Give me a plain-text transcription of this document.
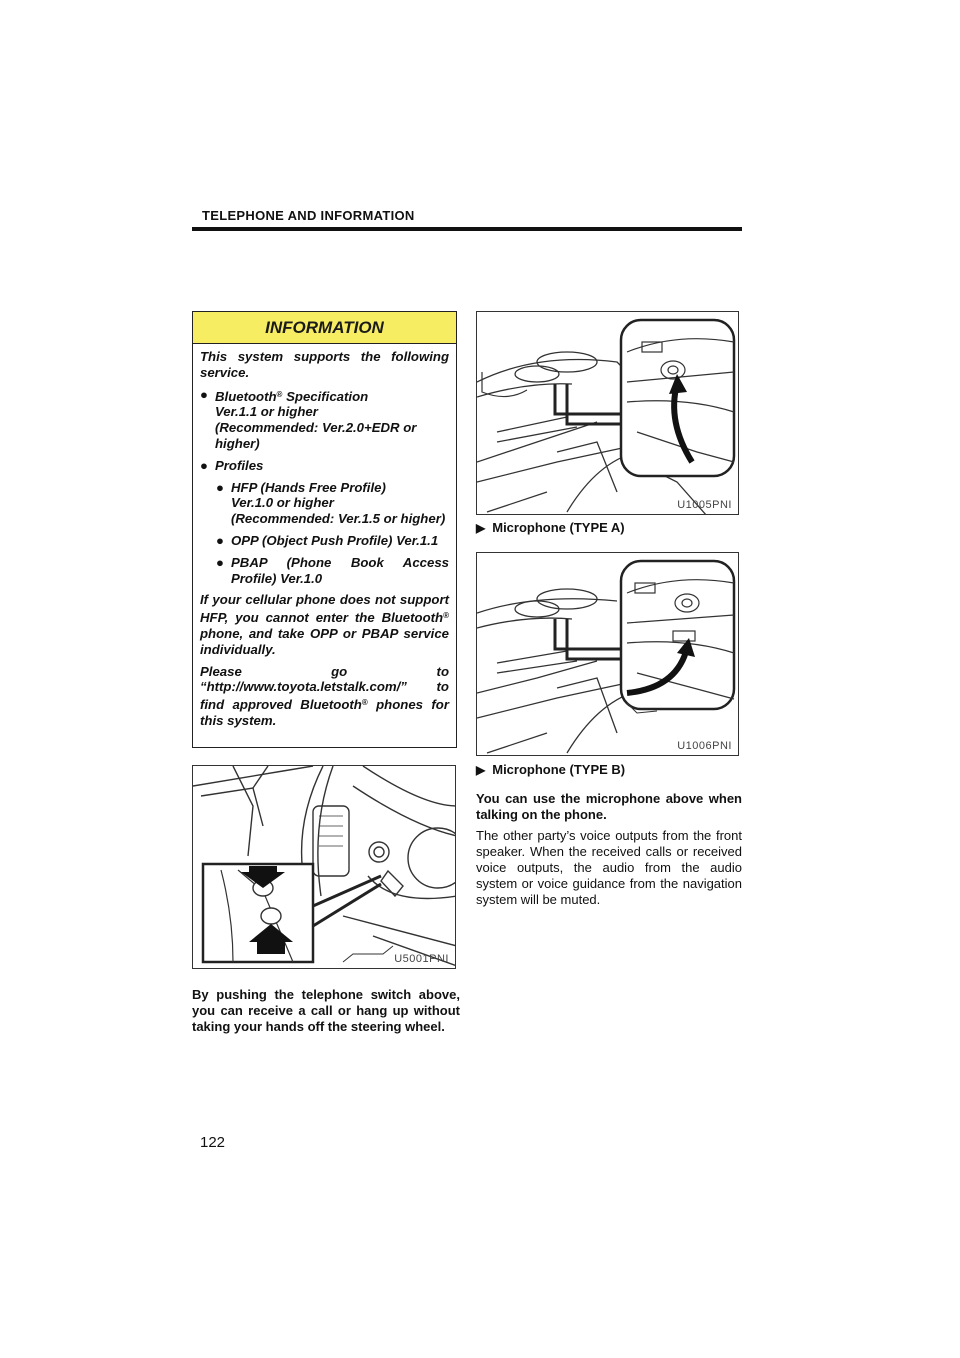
TELEPHONE AND INFORMATION
INFORMATION

This system supports the following service.

● Bluetooth® Specification
Ver.1.1 or higher
(Recommended: Ver.2.0+EDR or higher)
● Profiles
● HFP (Hands Free Profile)
Ver.1.0 or higher
(Recommended: Ver.1.5 or higher)
● OPP (Object Push Profile) Ver.1.1
● PBAP (Phone Book Access Profile) Ver.1.0

If your cellular phone does not support HFP, you cannot enter the Bluetooth® phone, and take OPP or PBAP service individually.

Please go to “http://www.toyota.letstalk.com/” to find approved Bluetooth® phones for this system.

U5001PNI
By pushing the telephone switch above, you can receive a call or hang up without taking your hands off the steering wheel.
U1005PNI
▶ Microphone (TYPE A)
U1006PNI
▶ Microphone (TYPE B)
You can use the microphone above when talking on the phone.
The other party’s voice outputs from the front speaker. When the received calls or received voice outputs, the audio from the audio system or voice guidance from the navigation system will be muted.
122
